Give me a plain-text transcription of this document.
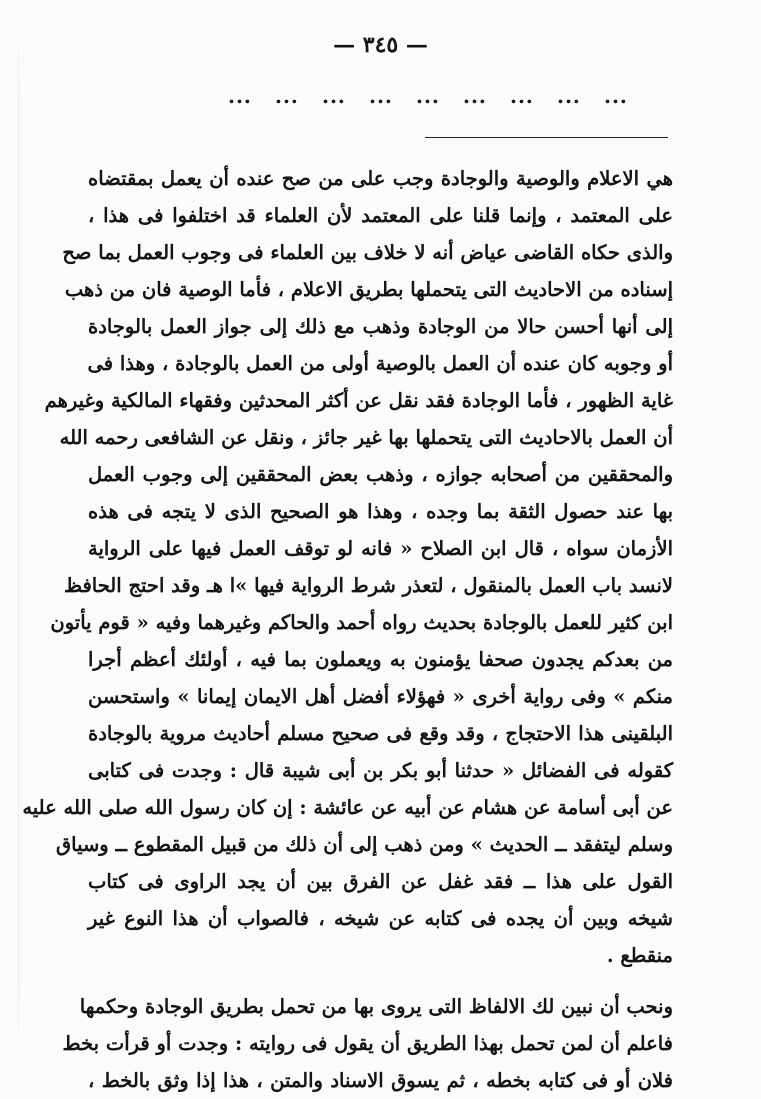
— ٣٤٥ —
... ... ... ... ... ... ... ... ...
هي الاعلام والوصية والوجادة وجب على من صح عنده أن يعمل بمقتضاه
على المعتمد ، وإنما قلنا على المعتمد لأن العلماء قد اختلفوا فى هذا ،
والذى حكاه القاضى عياض أنه لا خلاف بين العلماء فى وجوب العمل بما صح
إسناده من الاحاديث التى يتحملها بطريق الاعلام ، فأما الوصية فان من ذهب
إلى أنها أحسن حالا من الوجادة وذهب مع ذلك إلى جواز العمل بالوجادة
أو وجوبه كان عنده أن العمل بالوصية أولى من العمل بالوجادة ، وهذا فى
غاية الظهور ، فأما الوجادة فقد نقل عن أكثر المحدثين وفقهاء المالكية وغيرهم
أن العمل بالاحاديث التى يتحملها بها غير جائز ، ونقل عن الشافعى رحمه الله
والمحققين من أصحابه جوازه ، وذهب بعض المحققين إلى وجوب العمل
بها عند حصول الثقة بما وجده ، وهذا هو الصحيح الذى لا يتجه فى هذه
الأزمان سواه ، قال ابن الصلاح « فانه لو توقف العمل فيها على الرواية
لانسد باب العمل بالمنقول ، لتعذر شرط الرواية فيها »ا هـ وقد احتج الحافظ
ابن كثير للعمل بالوجادة بحديث رواه أحمد والحاكم وغيرهما وفيه « قوم يأتون
من بعدكم يجدون صحفا يؤمنون به ويعملون بما فيه ، أولئك أعظم أجرا
منكم » وفى رواية أخرى « فهؤلاء أفضل أهل الايمان إيمانا » واستحسن
البلقينى هذا الاحتجاج ، وقد وقع فى صحيح مسلم أحاديث مروية بالوجادة
كقوله فى الفضائل « حدثنا أبو بكر بن أبى شيبة قال : وجدت فى كتابى
عن أبى أسامة عن هشام عن أبيه عن عائشة : إن كان رسول الله صلى الله عليه
وسلم ليتفقد ــ الحديث » ومن ذهب إلى أن ذلك من قبيل المقطوع ــ وسياق
القول على هذا ــ فقد غفل عن الفرق بين أن يجد الراوى فى كتاب
شيخه وبين أن يجده فى كتابه عن شيخه ، فالصواب أن هذا النوع غير
منقطع .
ونحب أن نبين لك الالفاظ التى يروى بها من تحمل بطريق الوجادة وحكمها
فاعلم أن لمن تحمل بهذا الطريق أن يقول فى روايته : وجدت أو قرأت بخط
فلان أو فى كتابه بخطه ، ثم يسوق الاسناد والمتن ، هذا إذا وثق بالخط ،
